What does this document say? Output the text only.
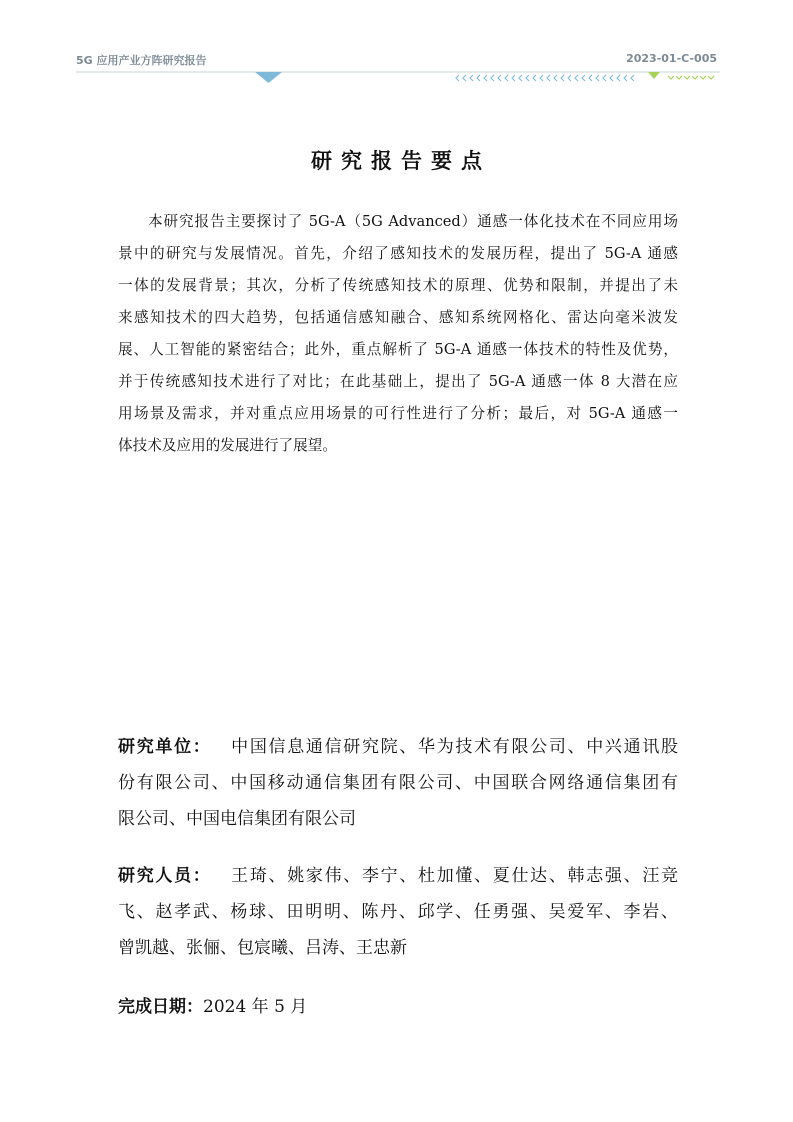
5G 应用产业方阵研究报告	2023-01-C-005
研究报告要点
本研究报告主要探讨了 5G-A（5G Advanced）通感一体化技术在不同应用场
景中的研究与发展情况。首先，介绍了感知技术的发展历程，提出了 5G-A 通感
一体的发展背景；其次，分析了传统感知技术的原理、优势和限制，并提出了未
来感知技术的四大趋势，包括通信感知融合、感知系统网格化、雷达向毫米波发
展、人工智能的紧密结合；此外，重点解析了 5G-A 通感一体技术的特性及优势，
并于传统感知技术进行了对比；在此基础上，提出了 5G-A 通感一体 8 大潜在应
用场景及需求，并对重点应用场景的可行性进行了分析；最后，对 5G-A 通感一
体技术及应用的发展进行了展望。
研究单位： 中国信息通信研究院、华为技术有限公司、中兴通讯股
份有限公司、中国移动通信集团有限公司、中国联合网络通信集团有
限公司、中国电信集团有限公司
研究人员： 王琦、姚家伟、李宁、杜加懂、夏仕达、韩志强、汪竞
飞、赵孝武、杨球、田明明、陈丹、邱学、任勇强、吴爱军、李岩、
曾凯越、张俪、包宸曦、吕涛、王忠新
完成日期：2024 年 5 月
